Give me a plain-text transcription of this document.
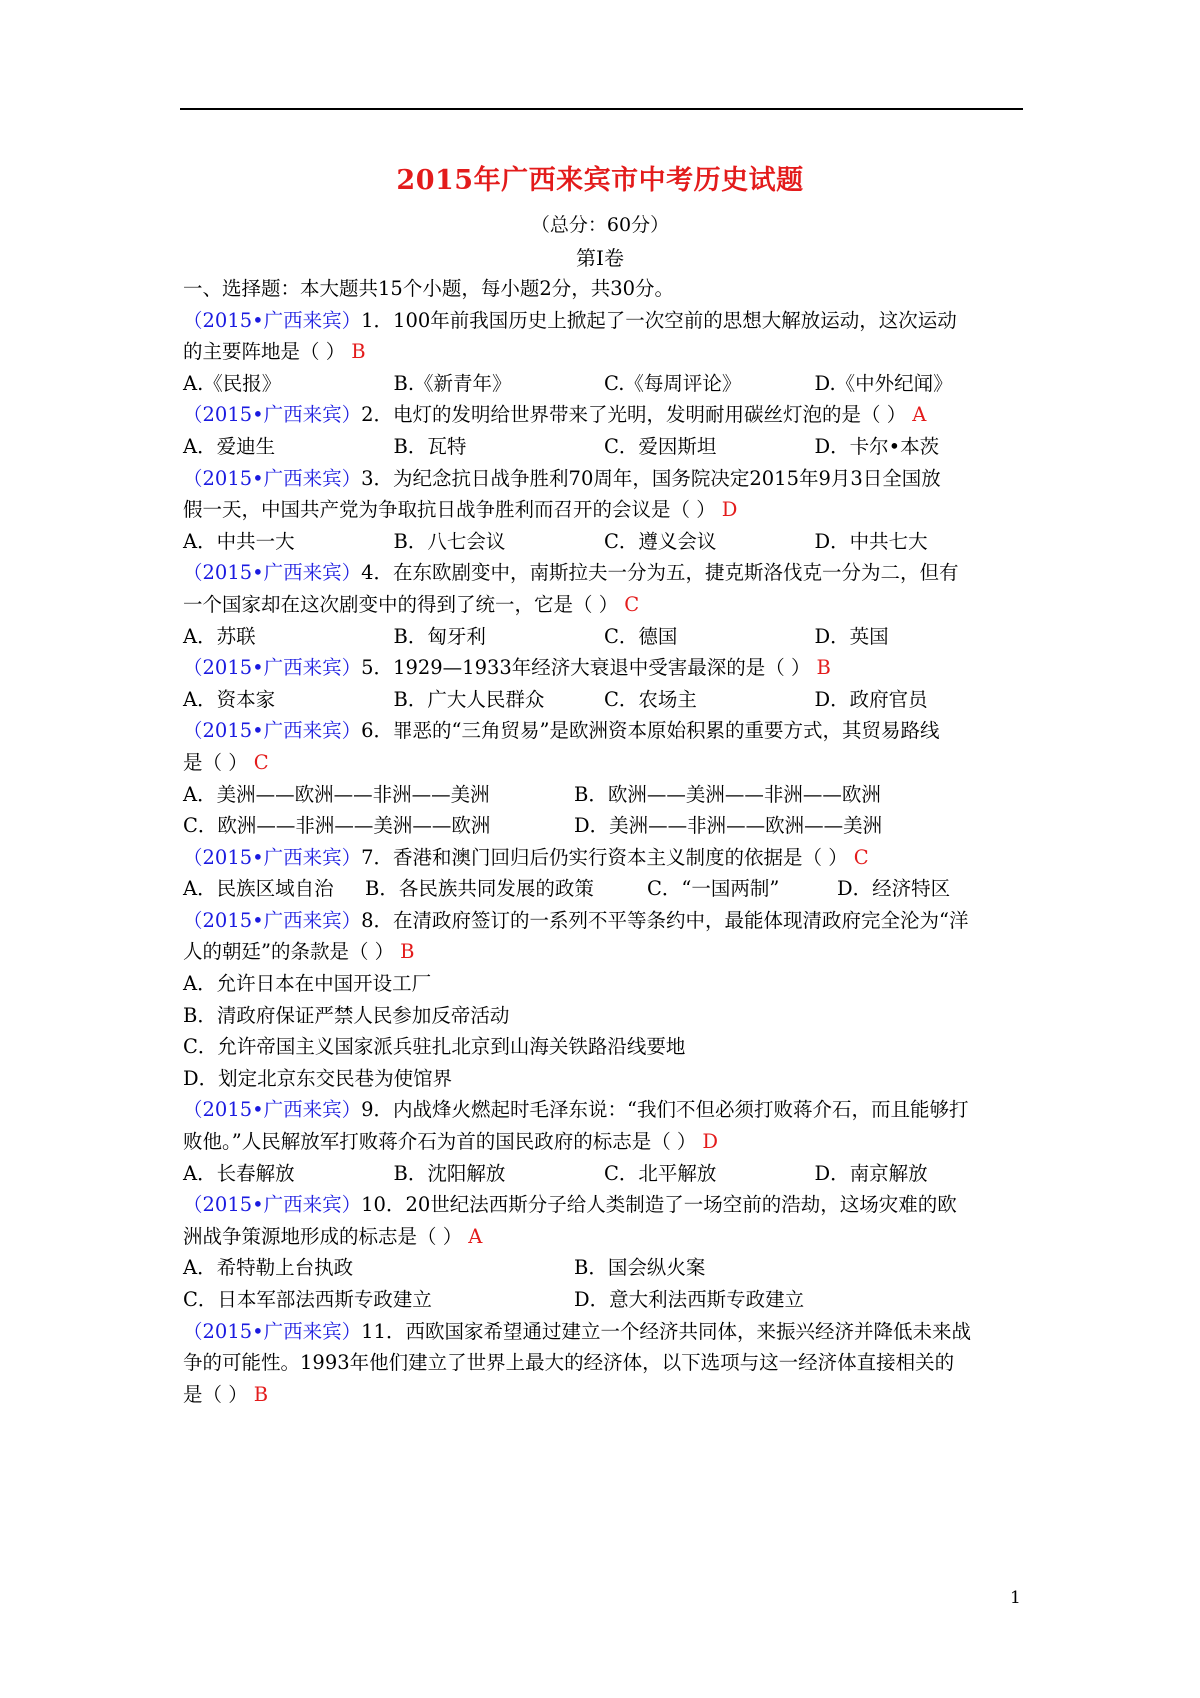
2015年广西来宾市中考历史试题
（总分：60分）
第Ⅰ卷
一、选择题：本大题共15个小题，每小题2分，共30分。
（2015•广西来宾）1．100年前我国历史上掀起了一次空前的思想大解放运动，这次运动
的主要阵地是（ ） B
A.《民报》	B.《新青年》	C.《每周评论》	D.《中外纪闻》
（2015•广西来宾）2．电灯的发明给世界带来了光明，发明耐用碳丝灯泡的是（ ） A
A．爱迪生	B．瓦特	C．爱因斯坦	D．卡尔•本茨
（2015•广西来宾）3．为纪念抗日战争胜利70周年，国务院决定2015年9月3日全国放
假一天，中国共产党为争取抗日战争胜利而召开的会议是（ ） D
A．中共一大	B．八七会议	C．遵义会议	D．中共七大
（2015•广西来宾）4．在东欧剧变中，南斯拉夫一分为五，捷克斯洛伐克一分为二，但有
一个国家却在这次剧变中的得到了统一，它是（ ） C
A．苏联	B．匈牙利	C．德国	D．英国
（2015•广西来宾）5．1929—1933年经济大衰退中受害最深的是（ ） B
A．资本家	B．广大人民群众	C．农场主	D．政府官员
（2015•广西来宾）6．罪恶的“三角贸易”是欧洲资本原始积累的重要方式，其贸易路线
是（ ） C
A．美洲——欧洲——非洲——美洲	B．欧洲——美洲——非洲——欧洲
C．欧洲——非洲——美洲——欧洲	D．美洲——非洲——欧洲——美洲
（2015•广西来宾）7．香港和澳门回归后仍实行资本主义制度的依据是（ ） C
A．民族区域自治	B．各民族共同发展的政策	C．“一国两制”	D．经济特区
（2015•广西来宾）8．在清政府签订的一系列不平等条约中，最能体现清政府完全沦为“洋
人的朝廷”的条款是（ ） B
A．允许日本在中国开设工厂
B．清政府保证严禁人民参加反帝活动
C．允许帝国主义国家派兵驻扎北京到山海关铁路沿线要地
D．划定北京东交民巷为使馆界
（2015•广西来宾）9．内战烽火燃起时毛泽东说：“我们不但必须打败蒋介石，而且能够打
败他。”人民解放军打败蒋介石为首的国民政府的标志是（ ） D
A．长春解放	B．沈阳解放	C．北平解放	D．南京解放
（2015•广西来宾）10．20世纪法西斯分子给人类制造了一场空前的浩劫，这场灾难的欧
洲战争策源地形成的标志是（ ） A
A．希特勒上台执政	B．国会纵火案
C．日本军部法西斯专政建立	D．意大利法西斯专政建立
（2015•广西来宾）11．西欧国家希望通过建立一个经济共同体，来振兴经济并降低未来战
争的可能性。1993年他们建立了世界上最大的经济体，以下选项与这一经济体直接相关的
是（ ） B
1
